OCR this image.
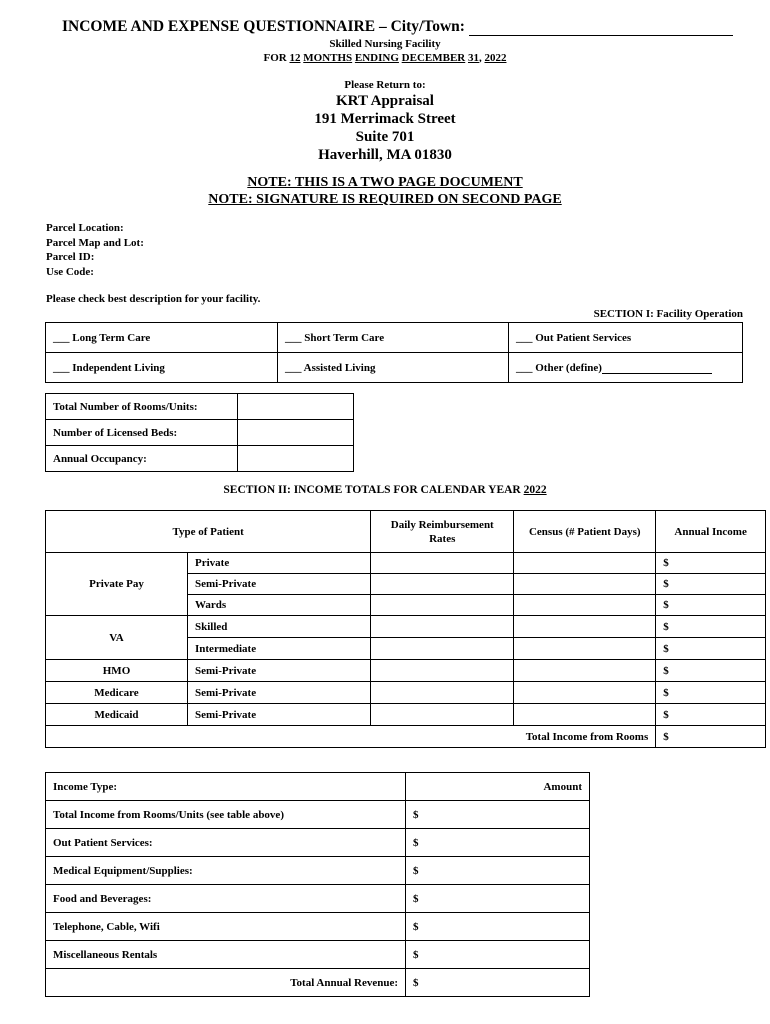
INCOME AND EXPENSE QUESTIONNAIRE – City/Town:
Skilled Nursing Facility
FOR 12 MONTHS ENDING DECEMBER 31, 2022
Please Return to:
KRT Appraisal
191 Merrimack Street
Suite 701
Haverhill, MA 01830
NOTE: THIS IS A TWO PAGE DOCUMENT
NOTE: SIGNATURE IS REQUIRED ON SECOND PAGE
Parcel Location:
Parcel Map and Lot:
Parcel ID:
Use Code:
Please check best description for your facility.
SECTION I: Facility Operation
___ Long Term Care	___ Short Term Care	___ Out Patient Services
___ Independent Living	___ Assisted Living	___ Other (define)
Total Number of Rooms/Units:	
Number of Licensed Beds:	
Annual Occupancy:	
SECTION II: INCOME TOTALS FOR CALENDAR YEAR 2022
Type of Patient		Daily Reimbursement Rates	Census (# Patient Days)	Annual Income
Private Pay	Private			$
	Semi-Private			$
	Wards			$
VA	Skilled			$
	Intermediate			$
HMO	Semi-Private			$
Medicare	Semi-Private			$
Medicaid	Semi-Private			$
Total Income from Rooms				$
Income Type:	Amount
Total Income from Rooms/Units (see table above)	$
Out Patient Services:	$
Medical Equipment/Supplies:	$
Food and Beverages:	$
Telephone, Cable, Wifi	$
Miscellaneous Rentals	$
Total Annual Revenue:	$
